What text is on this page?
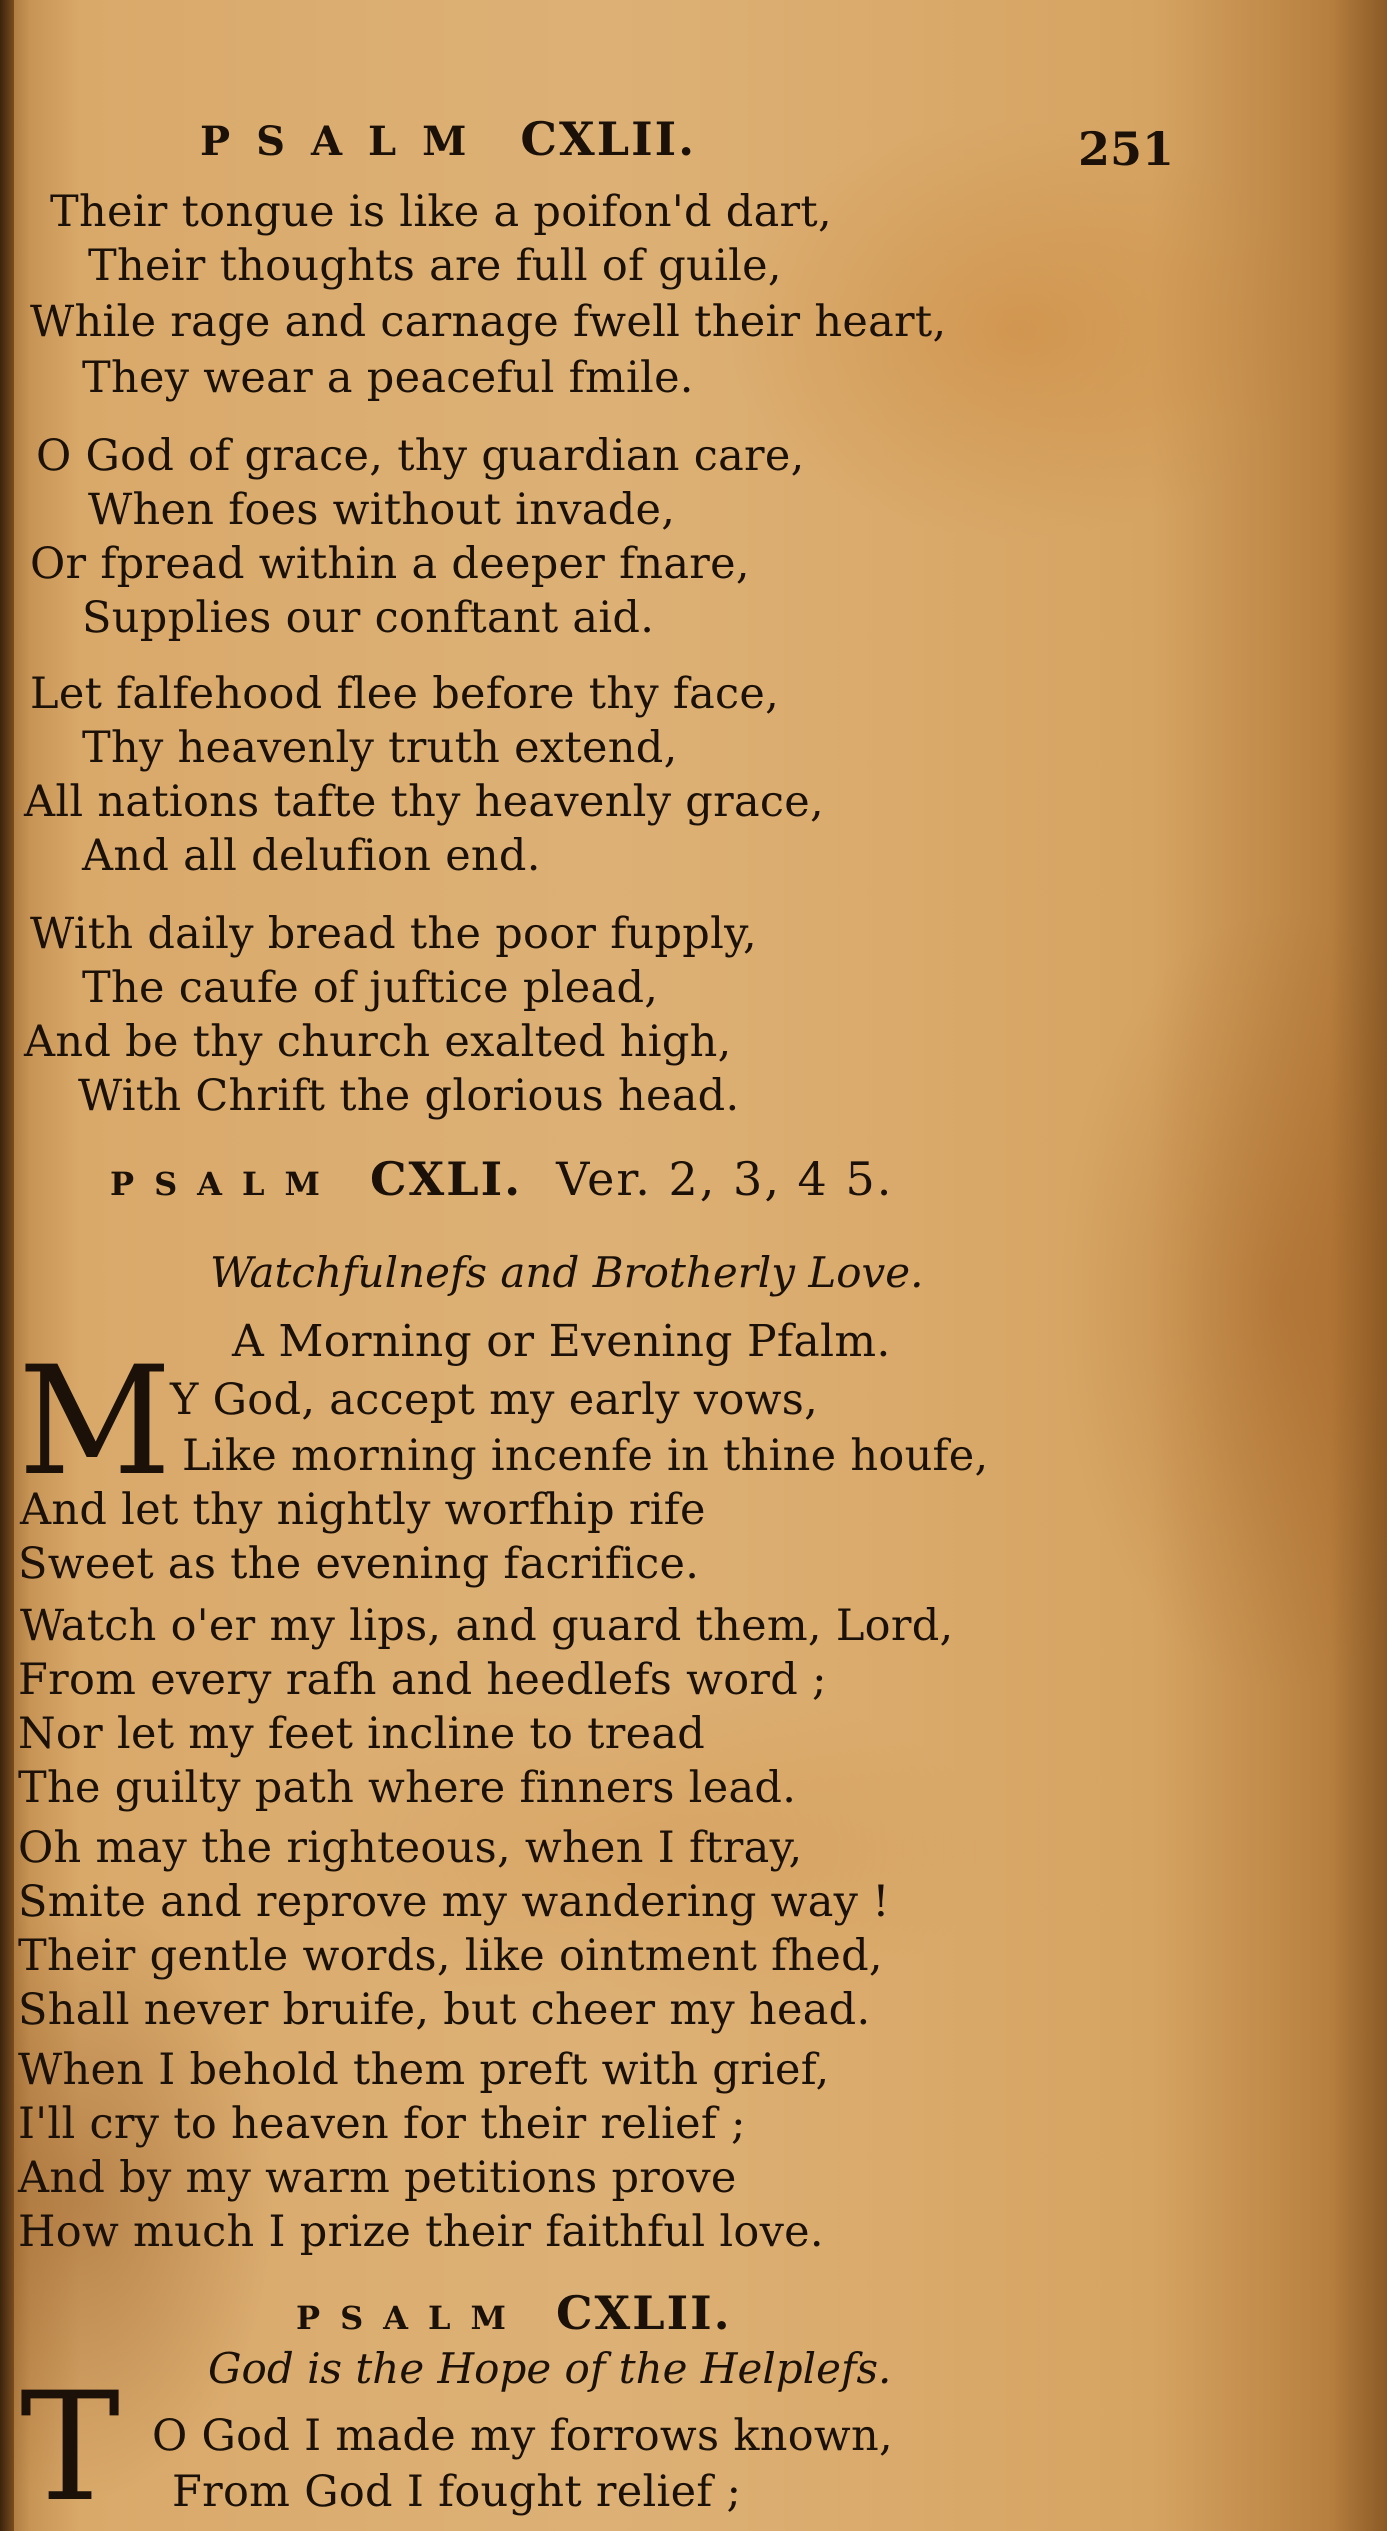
PSALM CXLII.	251
Their tongue is like a poifon'd dart,
Their thoughts are full of guile,
While rage and carnage fwell their heart,
They wear a peaceful fmile.
O God of grace, thy guardian care,
When foes without invade,
Or fpread within a deeper fnare,
Supplies our conftant aid.
Let falfehood flee before thy face,
Thy heavenly truth extend,
All nations tafte thy heavenly grace,
And all delufion end.
With daily bread the poor fupply,
The caufe of juftice plead,
And be thy church exalted high,
With Chrift the glorious head.
PSALM CXLI. Ver. 2, 3, 4 5.
Watchfulnefs and Brotherly Love.
A Morning or Evening Pfalm.
M
Y God, accept my early vows,
Like morning incenfe in thine houfe,
And let thy nightly worfhip rife
Sweet as the evening facrifice.
Watch o'er my lips, and guard them, Lord,
From every rafh and heedlefs word ;
Nor let my feet incline to tread
The guilty path where finners lead.
Oh may the righteous, when I ftray,
Smite and reprove my wandering way !
Their gentle words, like ointment fhed,
Shall never bruife, but cheer my head.
When I behold them preft with grief,
I'll cry to heaven for their relief ;
And by my warm petitions prove
How much I prize their faithful love.
PSALM CXLII.
God is the Hope of the Helplefs.
T O God I made my forrows known,
From God I fought relief ;
